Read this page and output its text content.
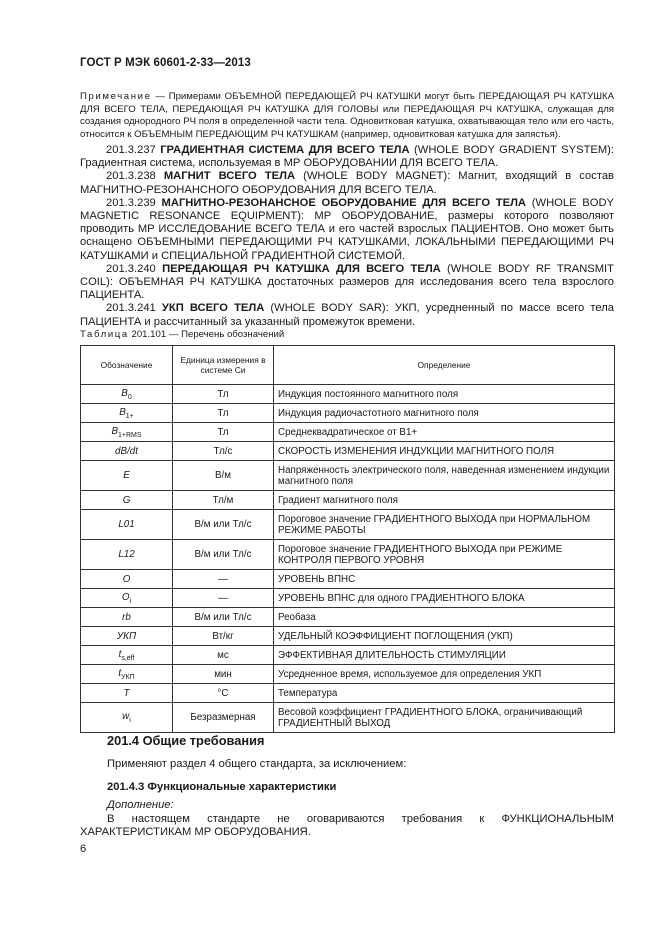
ГОСТ Р МЭК 60601-2-33—2013
Примечание — Примерами ОБЪЕМНОЙ ПЕРЕДАЮЩЕЙ РЧ КАТУШКИ могут быть ПЕРЕДАЮЩАЯ РЧ КАТУШКА ДЛЯ ВСЕГО ТЕЛА, ПЕРЕДАЮЩАЯ РЧ КАТУШКА ДЛЯ ГОЛОВЫ или ПЕРЕДАЮЩАЯ РЧ КАТУШКА, служащая для создания однородного РЧ поля в определенной части тела. Одновитковая катушка, охватывающая тело или его часть, относится к ОБЪЕМНЫМ ПЕРЕДАЮЩИМ РЧ КАТУШКАМ (например, одновитковая катушка для запястья).

201.3.237 ГРАДИЕНТНАЯ СИСТЕМА ДЛЯ ВСЕГО ТЕЛА (WHOLE BODY GRADIENT SYSTEM): Градиентная система, используемая в МР ОБОРУДОВАНИИ ДЛЯ ВСЕГО ТЕЛА.

201.3.238 МАГНИТ ВСЕГО ТЕЛА (WHOLE BODY MAGNET): Магнит, входящий в состав МАГНИТНО-РЕЗОНАНСНОГО ОБОРУДОВАНИЯ ДЛЯ ВСЕГО ТЕЛА.

201.3.239 МАГНИТНО-РЕЗОНАНСНОЕ ОБОРУДОВАНИЕ ДЛЯ ВСЕГО ТЕЛА (WHOLE BODY MAGNETIC RESONANCE EQUIPMENT): МР ОБОРУДОВАНИЕ, размеры которого позволяют проводить МР ИССЛЕДОВАНИЕ ВСЕГО ТЕЛА и его частей взрослых ПАЦИЕНТОВ. Оно может быть оснащено ОБЪЕМНЫМИ ПЕРЕДАЮЩИМИ РЧ КАТУШКАМИ, ЛОКАЛЬНЫМИ ПЕРЕДАЮЩИМИ РЧ КАТУШКАМИ и СПЕЦИАЛЬНОЙ ГРАДИЕНТНОЙ СИСТЕМОЙ.

201.3.240 ПЕРЕДАЮЩАЯ РЧ КАТУШКА ДЛЯ ВСЕГО ТЕЛА (WHOLE BODY RF TRANSMIT COIL): ОБЪЕМНАЯ РЧ КАТУШКА достаточных размеров для исследования всего тела взрослого ПАЦИЕНТА.

201.3.241 УКП ВСЕГО ТЕЛА (WHOLE BODY SAR): УКП, усредненный по массе всего тела ПАЦИЕНТА и рассчитанный за указанный промежуток времени.

Таблица 201.101 — Перечень обозначений
Обозначение	Единица измерения в системе Си	Определение
$B_0$	Тл	Индукция постоянного магнитного поля
$B_{1+}$	Тл	Индукция радиочастотного магнитного поля
$B_{1+RMS}$	Тл	Среднеквадратическое от B1+
dB/dt	Тл/с	СКОРОСТЬ ИЗМЕНЕНИЯ ИНДУКЦИИ МАГНИТНОГО ПОЛЯ
E	В/м	Напряженность электрического поля, наведенная изменением индукции магнитного поля
G	Тл/м	Градиент магнитного поля
L01	В/м или Тл/с	Пороговое значение ГРАДИЕНТНОГО ВЫХОДА при НОРМАЛЬНОМ РЕЖИМЕ РАБОТЫ
L12	В/м или Тл/с	Пороговое значение ГРАДИЕНТНОГО ВЫХОДА при РЕЖИМЕ КОНТРОЛЯ ПЕРВОГО УРОВНЯ
O	—	УРОВЕНЬ ВПНС
$O_i$	—	УРОВЕНЬ ВПНС для одного ГРАДИЕНТНОГО БЛОКА
rb	В/м или Тл/с	Реобаза
УКП	Вт/кг	УДЕЛЬНЫЙ КОЭФФИЦИЕНТ ПОГЛОЩЕНИЯ (УКП)
$t_{s,eff}$	мс	ЭФФЕКТИВНАЯ ДЛИТЕЛЬНОСТЬ СТИМУЛЯЦИИ
$t_{УКП}$	мин	Усредненное время, используемое для определения УКП
T	°C	Температура
$w_i$	Безразмерная	Весовой коэффициент ГРАДИЕНТНОГО БЛОКА, ограничивающий ГРАДИЕНТНЫЙ ВЫХОД
201.4 Общие требования
Применяют раздел 4 общего стандарта, за исключением:
201.4.3 Функциональные характеристики
Дополнение:
В настоящем стандарте не оговариваются требования к ФУНКЦИОНАЛЬНЫМ ХАРАКТЕРИСТИКАМ МР ОБОРУДОВАНИЯ.
6
